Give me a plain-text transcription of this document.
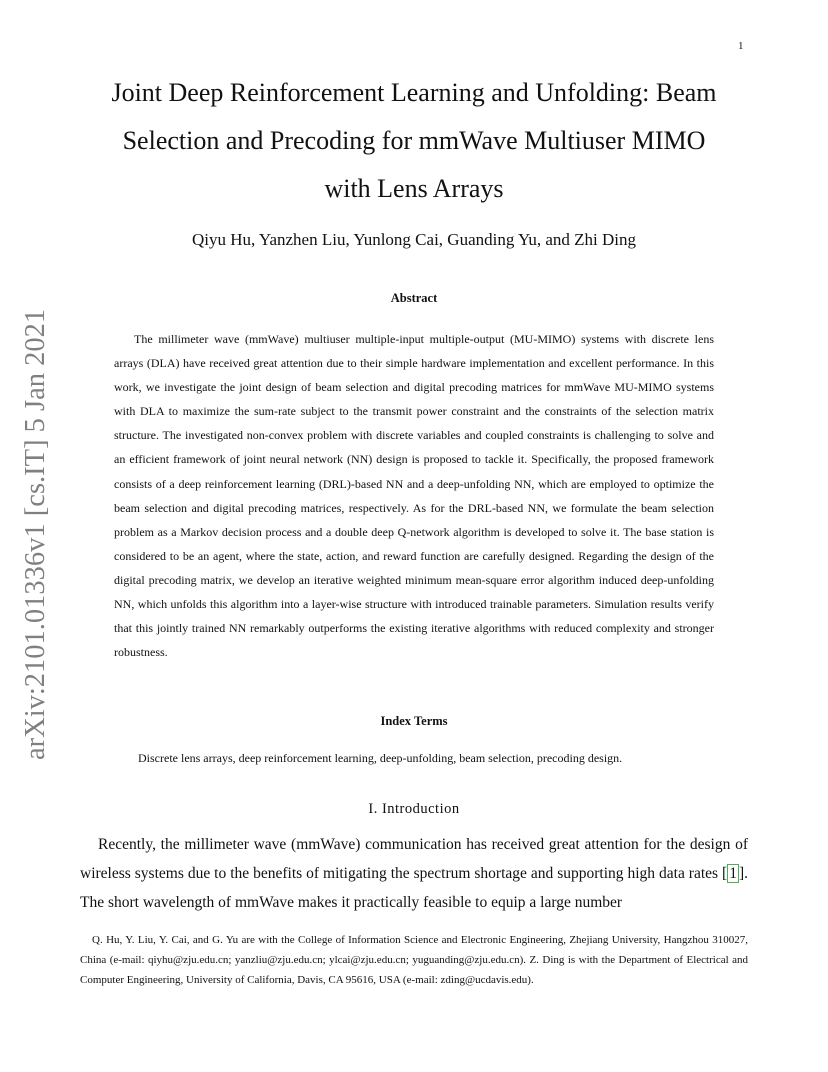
1
arXiv:2101.01336v1 [cs.IT] 5 Jan 2021
Joint Deep Reinforcement Learning and Unfolding: Beam
Selection and Precoding for mmWave Multiuser MIMO
with Lens Arrays
Qiyu Hu, Yanzhen Liu, Yunlong Cai, Guanding Yu, and Zhi Ding
Abstract

The millimeter wave (mmWave) multiuser multiple-input multiple-output (MU-MIMO) systems with discrete lens arrays (DLA) have received great attention due to their simple hardware implementation and excellent performance. In this work, we investigate the joint design of beam selection and digital precoding matrices for mmWave MU-MIMO systems with DLA to maximize the sum-rate subject to the transmit power constraint and the constraints of the selection matrix structure. The investigated non-convex problem with discrete variables and coupled constraints is challenging to solve and an efficient framework of joint neural network (NN) design is proposed to tackle it. Specifically, the proposed framework consists of a deep reinforcement learning (DRL)-based NN and a deep-unfolding NN, which are employed to optimize the beam selection and digital precoding matrices, respectively. As for the DRL-based NN, we formulate the beam selection problem as a Markov decision process and a double deep Q-network algorithm is developed to solve it. The base station is considered to be an agent, where the state, action, and reward function are carefully designed. Regarding the design of the digital precoding matrix, we develop an iterative weighted minimum mean-square error algorithm induced deep-unfolding NN, which unfolds this algorithm into a layer-wise structure with introduced trainable parameters. Simulation results verify that this jointly trained NN remarkably outperforms the existing iterative algorithms with reduced complexity and stronger robustness.

Index Terms

Discrete lens arrays, deep reinforcement learning, deep-unfolding, beam selection, precoding design.

I. Introduction

Recently, the millimeter wave (mmWave) communication has received great attention for the design of wireless systems due to the benefits of mitigating the spectrum shortage and supporting high data rates [ 1 ]. The short wavelength of mmWave makes it practically feasible to equip a large number

Q. Hu, Y. Liu, Y. Cai, and G. Yu are with the College of Information Science and Electronic Engineering, Zhejiang University, Hangzhou 310027, China (e-mail: qiyhu@zju.edu.cn; yanzliu@zju.edu.cn; ylcai@zju.edu.cn; yuguanding@zju.edu.cn). Z. Ding is with the Department of Electrical and Computer Engineering, University of California, Davis, CA 95616, USA (e-mail: zding@ucdavis.edu).
